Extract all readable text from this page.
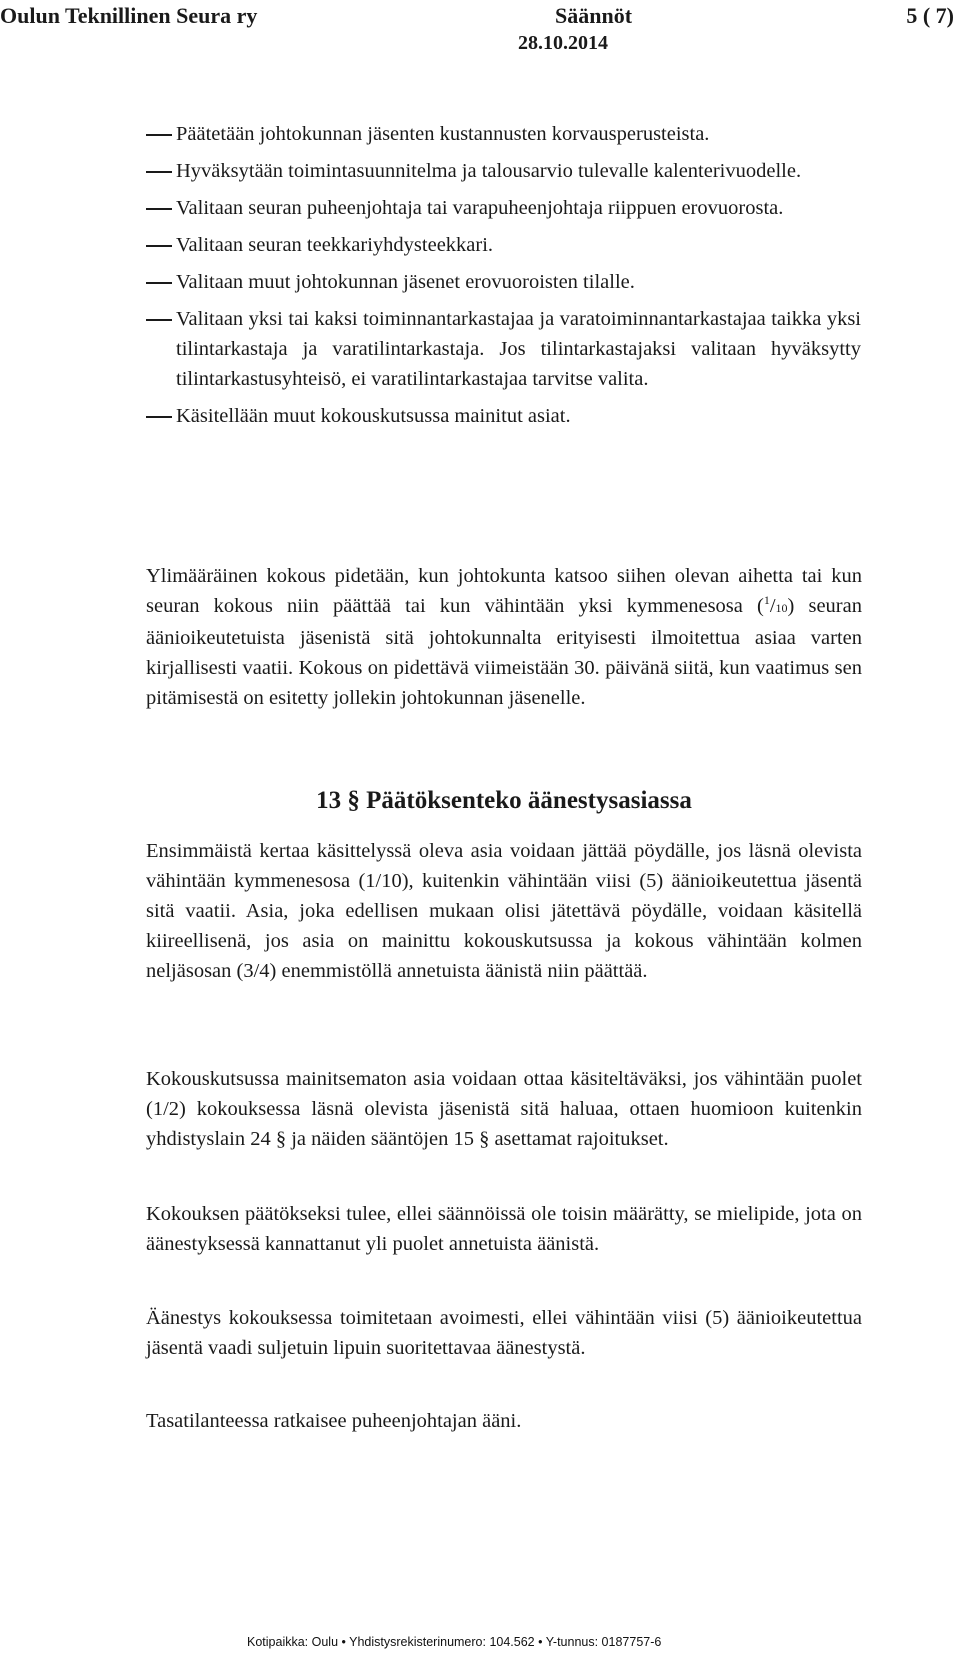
Oulun Teknillinen Seura ry	Säännöt	5 ( 7)
28.10.2014
Päätetään johtokunnan jäsenten kustannusten korvausperusteista.
Hyväksytään toimintasuunnitelma ja talousarvio tulevalle kalenterivuodelle.
Valitaan seuran puheenjohtaja tai varapuheenjohtaja riippuen erovuorosta.
Valitaan seuran teekkariyhdysteekkari.
Valitaan muut johtokunnan jäsenet erovuoroisten tilalle.
Valitaan yksi tai kaksi toiminnantarkastajaa ja varatoiminnantarkastajaa taikka yksi tilintarkastaja ja varatilintarkastaja. Jos tilintarkastajaksi valitaan hyväksytty tilintarkastusyhteisö, ei varatilintarkastajaa tarvitse valita.
Käsitellään muut kokouskutsussa mainitut asiat.

Ylimääräinen kokous pidetään, kun johtokunta katsoo siihen olevan aihetta tai kun seuran kokous niin päättää tai kun vähintään yksi kymmenesosa ($^1$/10) seuran äänioikeutetuista jäsenistä sitä johtokunnalta erityisesti ilmoitettua asiaa varten kirjallisesti vaatii. Kokous on pidettävä viimeistään 30. päivänä siitä, kun vaatimus sen pitämisestä on esitetty jollekin johtokunnan jäsenelle.

13 § Päätöksenteko äänestysasiassa

Ensimmäistä kertaa käsittelyssä oleva asia voidaan jättää pöydälle, jos läsnä olevista vähintään kymmenesosa (1/10), kuitenkin vähintään viisi (5) äänioikeutettua jäsentä sitä vaatii. Asia, joka edellisen mukaan olisi jätettävä pöydälle, voidaan käsitellä kiireellisenä, jos asia on mainittu kokouskutsussa ja kokous vähintään kolmen neljäsosan (3/4) enemmistöllä annetuista äänistä niin päättää.

Kokouskutsussa mainitsematon asia voidaan ottaa käsiteltäväksi, jos vähintään puolet (1/2) kokouksessa läsnä olevista jäsenistä sitä haluaa, ottaen huomioon kuitenkin yhdistyslain 24 § ja näiden sääntöjen 15 § asettamat rajoitukset.

Kokouksen päätökseksi tulee, ellei säännöissä ole toisin määrätty, se mielipide, jota on äänestyksessä kannattanut yli puolet annetuista äänistä.

Äänestys kokouksessa toimitetaan avoimesti, ellei vähintään viisi (5) äänioikeutettua jäsentä vaadi suljetuin lipuin suoritettavaa äänestystä.

Tasatilanteessa ratkaisee puheenjohtajan ääni.

Kotipaikka: Oulu • Yhdistysrekisterinumero: 104.562 • Y-tunnus: 0187757-6
